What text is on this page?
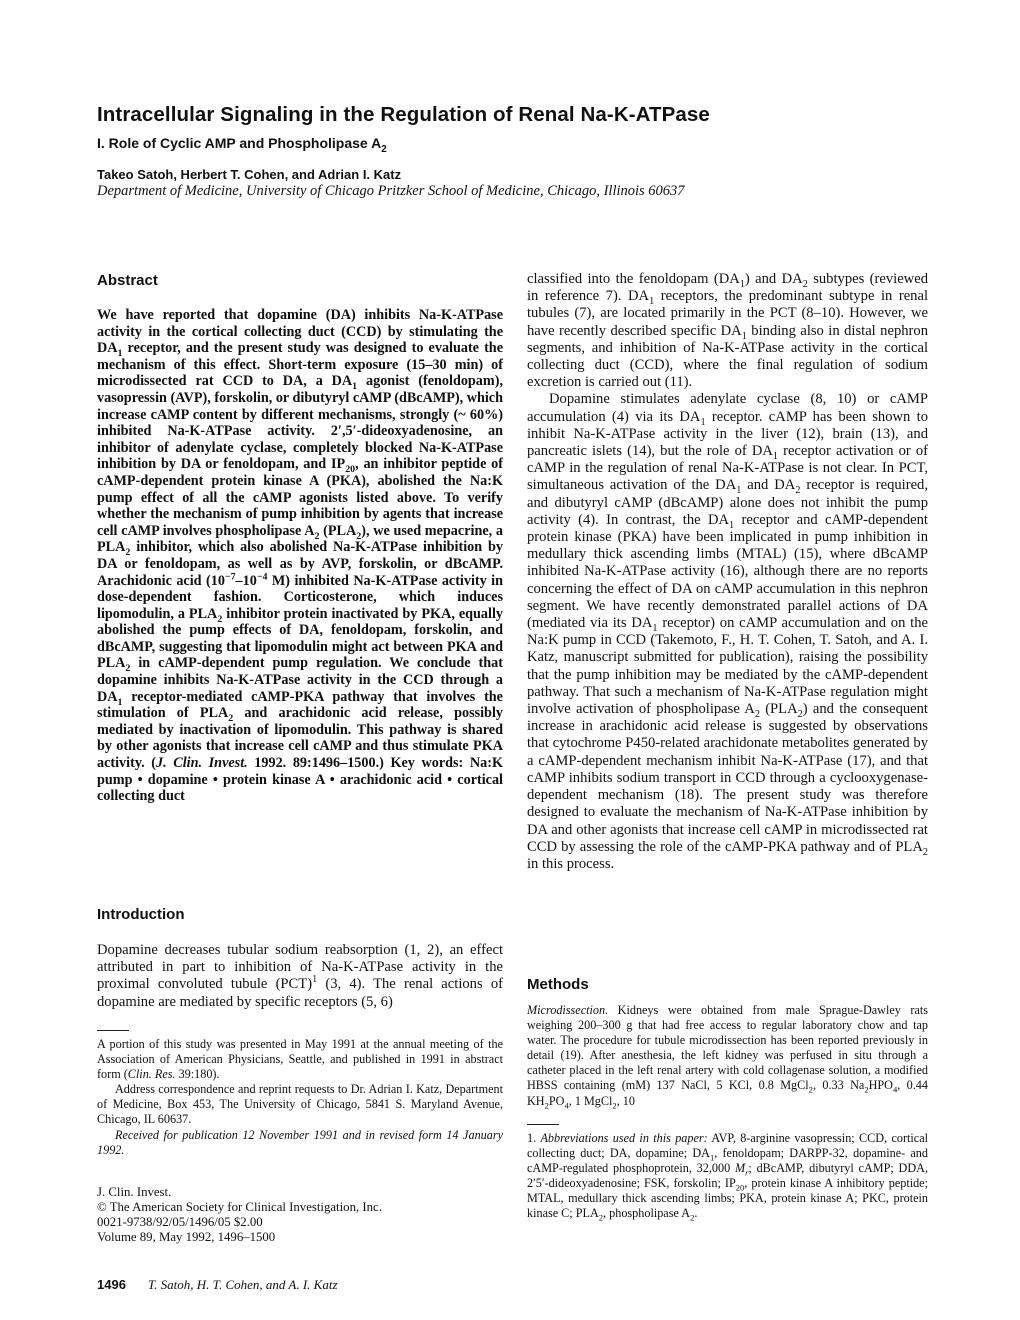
Intracellular Signaling in the Regulation of Renal Na-K-ATPase
I. Role of Cyclic AMP and Phospholipase $A_2$
Takeo Satoh, Herbert T. Cohen, and Adrian I. Katz
Department of Medicine, University of Chicago Pritzker School of Medicine, Chicago, Illinois 60637
Abstract
We have reported that dopamine (DA) inhibits Na-K-ATPase activity in the cortical collecting duct (CCD) by stimulating the $DA_1$ receptor, and the present study was designed to evaluate the mechanism of this effect. Short-term exposure (15–30 min) of microdissected rat CCD to DA, a $DA_1$ agonist (fenoldopam), vasopressin (AVP), forskolin, or dibutyryl cAMP (dBcAMP), which increase cAMP content by different mechanisms, strongly (~ 60%) inhibited Na-K-ATPase activity. 2′,5′-dideoxyadenosine, an inhibitor of adenylate cyclase, completely blocked Na-K-ATPase inhibition by DA or fenoldopam, and $IP_{20}$, an inhibitor peptide of cAMP-dependent protein kinase A (PKA), abolished the Na:K pump effect of all the cAMP agonists listed above. To verify whether the mechanism of pump inhibition by agents that increase cell cAMP involves phospholipase $A_2$ $(PLA_2)$, we used mepacrine, a $PLA_2$ inhibitor, which also abolished Na-K-ATPase inhibition by DA or fenoldopam, as well as by AVP, forskolin, or dBcAMP. Arachidonic acid ($10^{-7}-10^{-4}$ M) inhibited Na-K-ATPase activity in dose-dependent fashion. Corticosterone, which induces lipomodulin, a $PLA_2$ inhibitor protein inactivated by PKA, equally abolished the pump effects of DA, fenoldopam, forskolin, and dBcAMP, suggesting that lipomodulin might act between PKA and $PLA_2$ in cAMP-dependent pump regulation. We conclude that dopamine inhibits Na-K-ATPase activity in the CCD through a $DA_1$ receptor-mediated cAMP-PKA pathway that involves the stimulation of $PLA_2$ and arachidonic acid release, possibly mediated by inactivation of lipomodulin. This pathway is shared by other agonists that increase cell cAMP and thus stimulate PKA activity. (J. Clin. Invest. 1992. 89:1496–1500.) Key words: Na:K pump • dopamine • protein kinase A • arachidonic acid • cortical collecting duct
Introduction

Dopamine decreases tubular sodium reabsorption (1, 2), an effect attributed in part to inhibition of Na-K-ATPase activity in the proximal convoluted tubule (PCT)$^1$ (3, 4). The renal actions of dopamine are mediated by specific receptors (5, 6)

A portion of this study was presented in May 1991 at the annual meeting of the Association of American Physicians, Seattle, and published in 1991 in abstract form (Clin. Res. 39:180).

Address correspondence and reprint requests to Dr. Adrian I. Katz, Department of Medicine, Box 453, The University of Chicago, 5841 S. Maryland Avenue, Chicago, IL 60637.

Received for publication 12 November 1991 and in revised form 14 January 1992.

J. Clin. Invest.
© The American Society for Clinical Investigation, Inc.
0021-9738/92/05/1496/05 $2.00
Volume 89, May 1992, 1496–1500

classified into the fenoldopam $(DA_1)$ and $DA_2$ subtypes (reviewed in reference 7). $DA_1$ receptors, the predominant subtype in renal tubules (7), are located primarily in the PCT (8–10). However, we have recently described specific $DA_1$ binding also in distal nephron segments, and inhibition of Na-K-ATPase activity in the cortical collecting duct (CCD), where the final regulation of sodium excretion is carried out (11).

Dopamine stimulates adenylate cyclase (8, 10) or cAMP accumulation (4) via its $DA_1$ receptor. cAMP has been shown to inhibit Na-K-ATPase activity in the liver (12), brain (13), and pancreatic islets (14), but the role of $DA_1$ receptor activation or of cAMP in the regulation of renal Na-K-ATPase is not clear. In PCT, simultaneous activation of the $DA_1$ and $DA_2$ receptor is required, and dibutyryl cAMP (dBcAMP) alone does not inhibit the pump activity (4). In contrast, the $DA_1$ receptor and cAMP-dependent protein kinase (PKA) have been implicated in pump inhibition in medullary thick ascending limbs (MTAL) (15), where dBcAMP inhibited Na-K-ATPase activity (16), although there are no reports concerning the effect of DA on cAMP accumulation in this nephron segment. We have recently demonstrated parallel actions of DA (mediated via its $DA_1$ receptor) on cAMP accumulation and on the Na:K pump in CCD (Takemoto, F., H. T. Cohen, T. Satoh, and A. I. Katz, manuscript submitted for publication), raising the possibility that the pump inhibition may be mediated by the cAMP-dependent pathway. That such a mechanism of Na-K-ATPase regulation might involve activation of phospholipase $A_2$ $(PLA_2)$ and the consequent increase in arachidonic acid release is suggested by observations that cytochrome P450-related arachidonate metabolites generated by a cAMP-dependent mechanism inhibit Na-K-ATPase (17), and that cAMP inhibits sodium transport in CCD through a cyclooxygenase-dependent mechanism (18). The present study was therefore designed to evaluate the mechanism of Na-K-ATPase inhibition by DA and other agonists that increase cell cAMP in microdissected rat CCD by assessing the role of the cAMP-PKA pathway and of $PLA_2$ in this process.

Methods

Microdissection. Kidneys were obtained from male Sprague-Dawley rats weighing 200–300 g that had free access to regular laboratory chow and tap water. The procedure for tubule microdissection has been reported previously in detail (19). After anesthesia, the left kidney was perfused in situ through a catheter placed in the left renal artery with cold collagenase solution, a modified HBSS containing (mM) 137 NaCl, 5 KCl, 0.8 MgCl$_2$, 0.33 $Na_2HPO_4$, 0.44 $KH_2PO_4$, 1 MgCl$_2$, 10

1. Abbreviations used in this paper: AVP, 8-arginine vasopressin; CCD, cortical collecting duct; DA, dopamine; $DA_1$, fenoldopam; DARPP-32, dopamine- and cAMP-regulated phosphoprotein, 32,000 $M_r$; dBcAMP, dibutyryl cAMP; DDA, 2′5′-dideoxyadenosine; FSK, forskolin; $IP_{20}$, protein kinase A inhibitory peptide; MTAL, medullary thick ascending limbs; PKA, protein kinase A; PKC, protein kinase C; $PLA_2$, phospholipase $A_2$.

1496 T. Satoh, H. T. Cohen, and A. I. Katz
